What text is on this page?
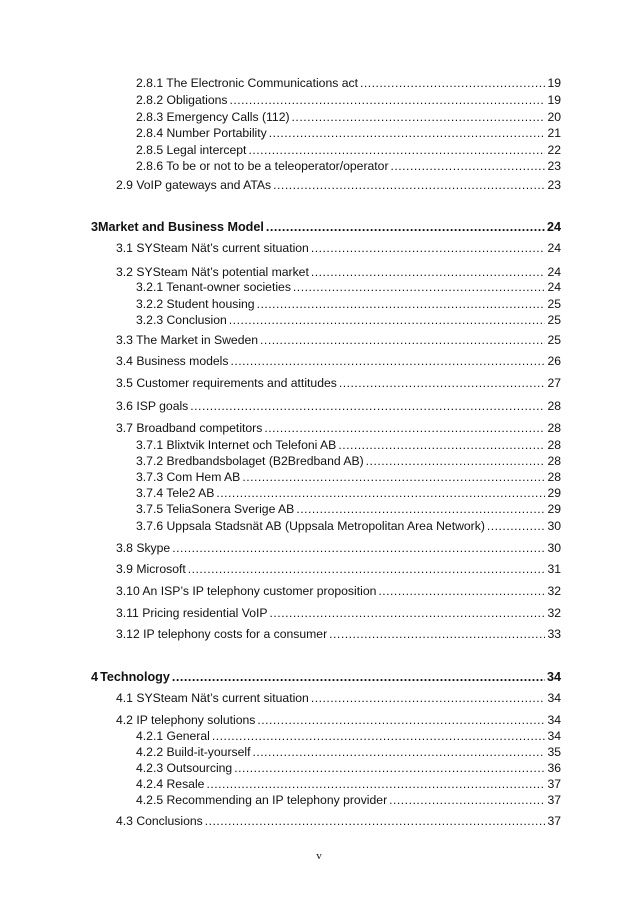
2.8.1 The Electronic Communications act .....	19
2.8.2 Obligations .....	19
2.8.3 Emergency Calls (112) .....	20
2.8.4 Number Portability .....	21
2.8.5 Legal intercept .....	22
2.8.6 To be or not to be a teleoperator/operator .....	23
2.9 VoIP gateways and ATAs .....	23
3 Market and Business Model .....	24
3.1 SYSteam Nät’s current situation .....	24
3.2 SYSteam Nät’s potential market .....	24
3.2.1 Tenant-owner societies .....	24
3.2.2 Student housing .....	25
3.2.3 Conclusion .....	25
3.3 The Market in Sweden .....	25
3.4 Business models .....	26
3.5 Customer requirements and attitudes .....	27
3.6 ISP goals .....	28
3.7 Broadband competitors .....	28
3.7.1 Blixtvik Internet och Telefoni AB .....	28
3.7.2 Bredbandsbolaget (B2Bredband AB) .....	28
3.7.3 Com Hem AB .....	28
3.7.4 Tele2 AB .....	29
3.7.5 TeliaSonera Sverige AB .....	29
3.7.6 Uppsala Stadsnät AB (Uppsala Metropolitan Area Network) .....	30
3.8 Skype .....	30
3.9 Microsoft .....	31
3.10 An ISP’s IP telephony customer proposition .....	32
3.11 Pricing residential VoIP .....	32
3.12 IP telephony costs for a consumer .....	33
4 Technology .....	34
4.1 SYSteam Nät’s current situation .....	34
4.2 IP telephony solutions .....	34
4.2.1 General .....	34
4.2.2 Build-it-yourself .....	35
4.2.3 Outsourcing .....	36
4.2.4 Resale .....	37
4.2.5 Recommending an IP telephony provider .....	37
4.3 Conclusions .....	37
v
